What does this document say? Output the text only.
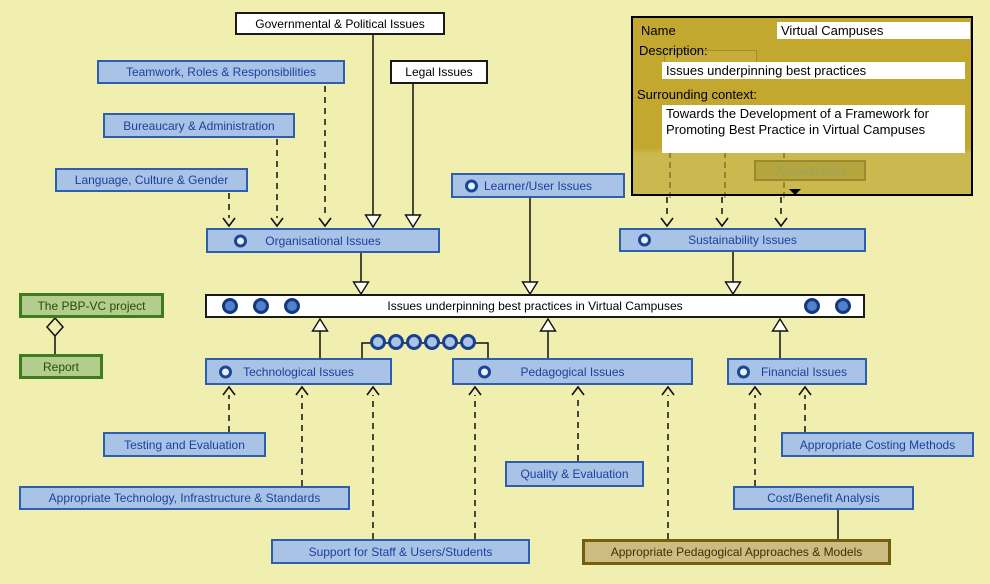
Governmental & Political Issues
Legal Issues
Teamwork, Roles & Responsibilities
Bureaucary & Administration
Language, Culture & Gender	Learner/User Issues
Organisational Issues	Sustainability Issues
Issues underpinning best practices in Virtual Campuses
The PBP-VC project
Report	Technological Issues	Pedagogical Issues	Financial Issues
Testing and Evaluation
Appropriate Technology, Infrastructure & Standards
Quality & Evaluation
Support for Staff & Users/Students
Appropriate Costing Methods
Cost/Benefit Analysis
Appropriate Pedagogical Approaches & Models
Name	Virtual Campuses
Description:
Issues underpinning best practices
Surrounding context:
Towards the Development of a Framework for Promoting Best Practice in Virtual Campuses
Accreditation
